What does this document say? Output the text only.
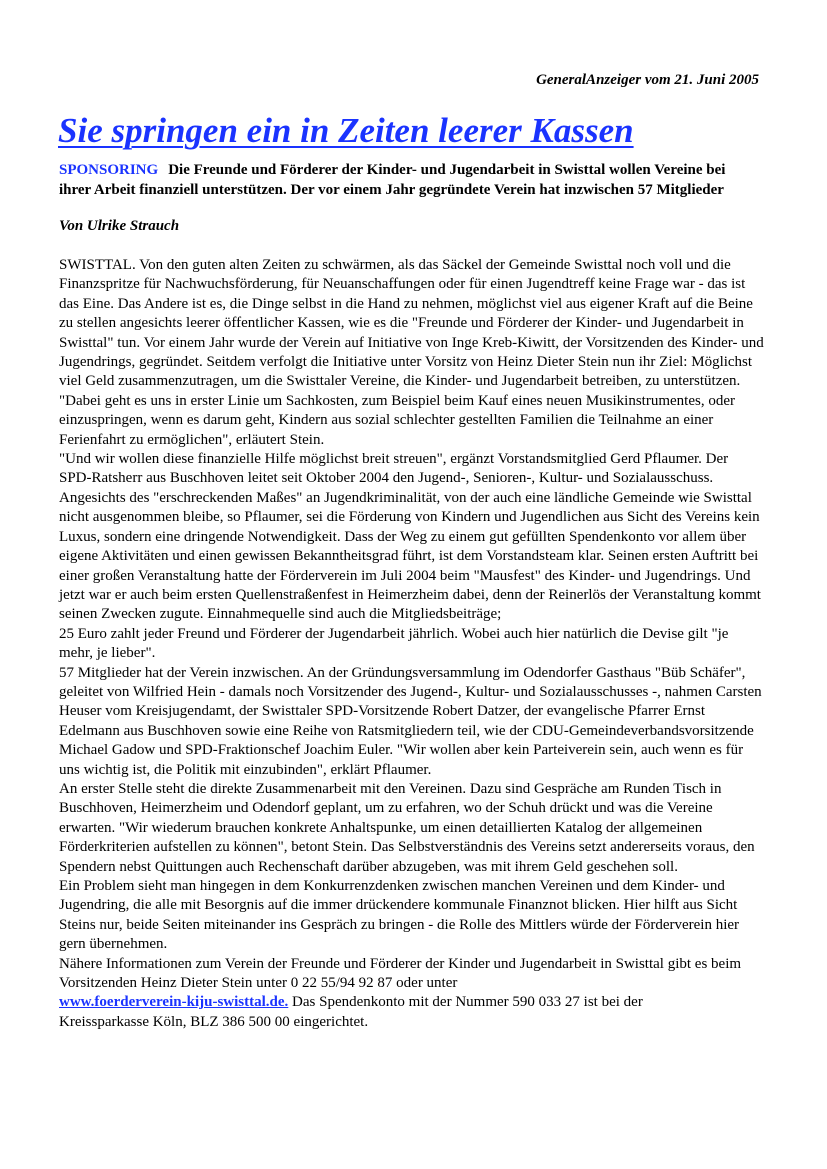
GeneralAnzeiger vom 21. Juni 2005
Sie springen ein in Zeiten leerer Kassen

SPONSORING Die Freunde und Förderer der Kinder- und Jugendarbeit in Swisttal wollen Vereine bei ihrer Arbeit finanziell unterstützen. Der vor einem Jahr gegründete Verein hat inzwischen 57 Mitglieder

Von Ulrike Strauch

SWISTTAL. Von den guten alten Zeiten zu schwärmen, als das Säckel der Gemeinde Swisttal noch voll und die Finanzspritze für Nachwuchsförderung, für Neuanschaffungen oder für einen Jugendtreff keine Frage war - das ist das Eine. Das Andere ist es, die Dinge selbst in die Hand zu nehmen, möglichst viel aus eigener Kraft auf die Beine zu stellen angesichts leerer öffentlicher Kassen, wie es die "Freunde und Förderer der Kinder- und Jugendarbeit in Swisttal" tun. Vor einem Jahr wurde der Verein auf Initiative von Inge Kreb-Kiwitt, der Vorsitzenden des Kinder- und Jugendrings, gegründet. Seitdem verfolgt die Initiative unter Vorsitz von Heinz Dieter Stein nun ihr Ziel: Möglichst viel Geld zusammenzutragen, um die Swisttaler Vereine, die Kinder- und Jugendarbeit betreiben, zu unterstützen. "Dabei geht es uns in erster Linie um Sachkosten, zum Beispiel beim Kauf eines neuen Musikinstrumentes, oder einzuspringen, wenn es darum geht, Kindern aus sozial schlechter gestellten Familien die Teilnahme an einer Ferienfahrt zu ermöglichen", erläutert Stein.

"Und wir wollen diese finanzielle Hilfe möglichst breit streuen", ergänzt Vorstandsmitglied Gerd Pflaumer. Der SPD-Ratsherr aus Buschhoven leitet seit Oktober 2004 den Jugend-, Senioren-, Kultur- und Sozialausschuss. Angesichts des "erschreckenden Maßes" an Jugendkriminalität, von der auch eine ländliche Gemeinde wie Swisttal nicht ausgenommen bleibe, so Pflaumer, sei die Förderung von Kindern und Jugendlichen aus Sicht des Vereins kein Luxus, sondern eine dringende Notwendigkeit. Dass der Weg zu einem gut gefüllten Spendenkonto vor allem über eigene Aktivitäten und einen gewissen Bekanntheitsgrad führt, ist dem Vorstandsteam klar. Seinen ersten Auftritt bei einer großen Veranstaltung hatte der Förderverein im Juli 2004 beim "Mausfest" des Kinder- und Jugendrings. Und jetzt war er auch beim ersten Quellenstraßenfest in Heimerzheim dabei, denn der Reinerlös der Veranstaltung kommt seinen Zwecken zugute. Einnahmequelle sind auch die Mitgliedsbeiträge;

25 Euro zahlt jeder Freund und Förderer der Jugendarbeit jährlich. Wobei auch hier natürlich die Devise gilt "je mehr, je lieber".

57 Mitglieder hat der Verein inzwischen. An der Gründungsversammlung im Odendorfer Gasthaus "Büb Schäfer", geleitet von Wilfried Hein - damals noch Vorsitzender des Jugend-, Kultur- und Sozialausschusses -, nahmen Carsten Heuser vom Kreisjugendamt, der Swisttaler SPD-Vorsitzende Robert Datzer, der evangelische Pfarrer Ernst Edelmann aus Buschhoven sowie eine Reihe von Ratsmitgliedern teil, wie der CDU-Gemeindeverbandsvorsitzende Michael Gadow und SPD-Fraktionschef Joachim Euler. "Wir wollen aber kein Parteiverein sein, auch wenn es für uns wichtig ist, die Politik mit einzubinden", erklärt Pflaumer.

An erster Stelle steht die direkte Zusammenarbeit mit den Vereinen. Dazu sind Gespräche am Runden Tisch in Buschhoven, Heimerzheim und Odendorf geplant, um zu erfahren, wo der Schuh drückt und was die Vereine erwarten. "Wir wiederum brauchen konkrete Anhaltspunke, um einen detaillierten Katalog der allgemeinen Förderkriterien aufstellen zu können", betont Stein. Das Selbstverständnis des Vereins setzt andererseits voraus, den Spendern nebst Quittungen auch Rechenschaft darüber abzugeben, was mit ihrem Geld geschehen soll.

Ein Problem sieht man hingegen in dem Konkurrenzdenken zwischen manchen Vereinen und dem Kinder- und Jugendring, die alle mit Besorgnis auf die immer drückendere kommunale Finanznot blicken. Hier hilft aus Sicht Steins nur, beide Seiten miteinander ins Gespräch zu bringen - die Rolle des Mittlers würde der Förderverein hier gern übernehmen.

Nähere Informationen zum Verein der Freunde und Förderer der Kinder und Jugendarbeit in Swisttal gibt es beim Vorsitzenden Heinz Dieter Stein unter 0 22 55/94 92 87 oder unter
www.foerderverein-kiju-swisttal.de. Das Spendenkonto mit der Nummer 590 033 27 ist bei der
Kreissparkasse Köln, BLZ 386 500 00 eingerichtet.
